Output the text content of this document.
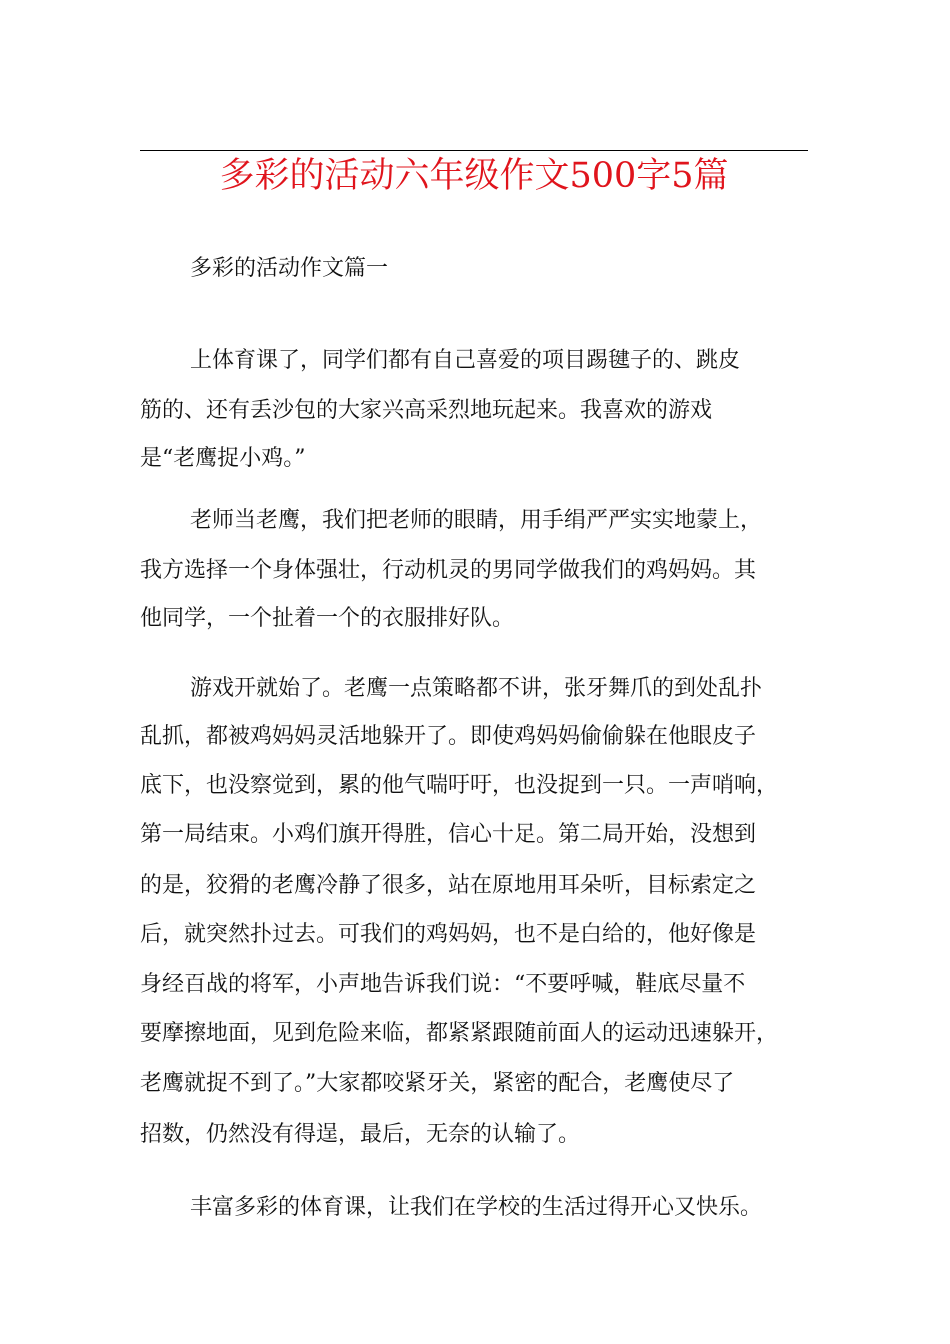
多彩的活动六年级作文500字5篇
多彩的活动作文篇一
上体育课了，同学们都有自己喜爱的项目踢毽子的、跳皮
筋的、还有丢沙包的大家兴高采烈地玩起来。我喜欢的游戏
是“老鹰捉小鸡。”
老师当老鹰，我们把老师的眼睛，用手绢严严实实地蒙上，
我方选择一个身体强壮，行动机灵的男同学做我们的鸡妈妈。其
他同学，一个扯着一个的衣服排好队。
游戏开就始了。老鹰一点策略都不讲，张牙舞爪的到处乱扑
乱抓，都被鸡妈妈灵活地躲开了。即使鸡妈妈偷偷躲在他眼皮子
底下，也没察觉到，累的他气喘吁吁，也没捉到一只。一声哨响，
第一局结束。小鸡们旗开得胜，信心十足。第二局开始，没想到
的是，狡猾的老鹰冷静了很多，站在原地用耳朵听，目标索定之
后，就突然扑过去。可我们的鸡妈妈，也不是白给的，他好像是
身经百战的将军，小声地告诉我们说：“不要呼喊，鞋底尽量不
要摩擦地面，见到危险来临，都紧紧跟随前面人的运动迅速躲开，
老鹰就捉不到了。”大家都咬紧牙关，紧密的配合，老鹰使尽了
招数，仍然没有得逞，最后，无奈的认输了。
丰富多彩的体育课，让我们在学校的生活过得开心又快乐。
